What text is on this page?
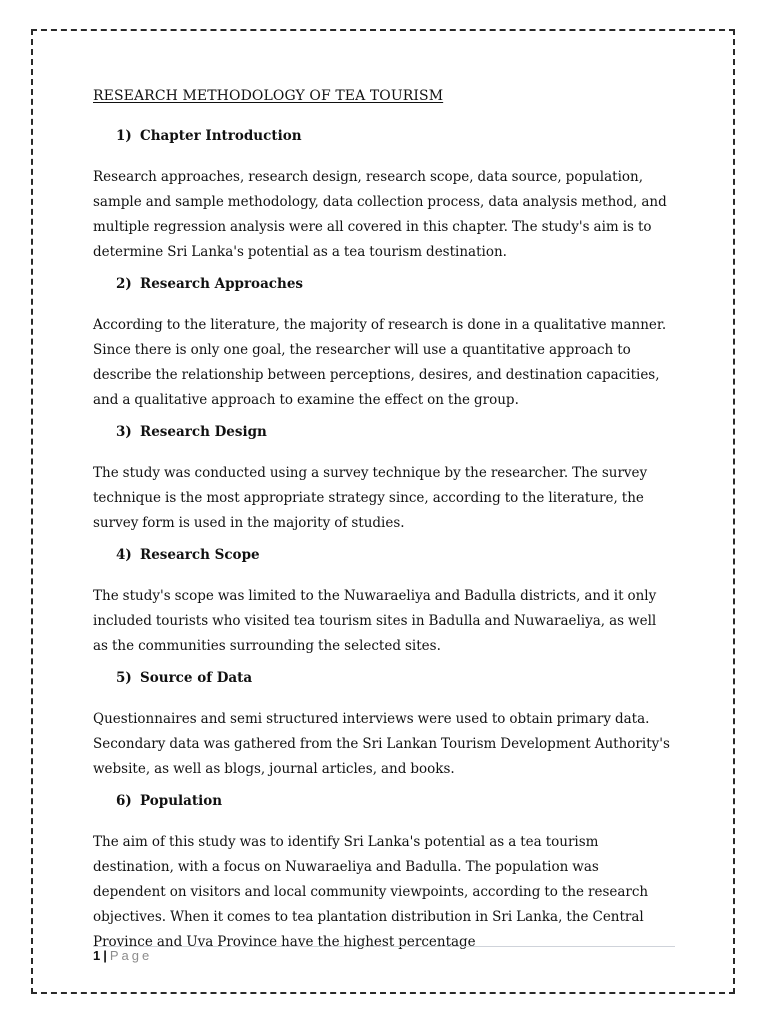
RESEARCH METHODOLOGY OF TEA TOURISM
1) Chapter Introduction

Research approaches, research design, research scope, data source, population, sample and sample methodology, data collection process, data analysis method, and multiple regression analysis were all covered in this chapter. The study's aim is to determine Sri Lanka's potential as a tea tourism destination.

2) Research Approaches

According to the literature, the majority of research is done in a qualitative manner. Since there is only one goal, the researcher will use a quantitative approach to describe the relationship between perceptions, desires, and destination capacities, and a qualitative approach to examine the effect on the group.

3) Research Design

The study was conducted using a survey technique by the researcher. The survey technique is the most appropriate strategy since, according to the literature, the survey form is used in the majority of studies.

4) Research Scope

The study's scope was limited to the Nuwaraeliya and Badulla districts, and it only included tourists who visited tea tourism sites in Badulla and Nuwaraeliya, as well as the communities surrounding the selected sites.

5) Source of Data

Questionnaires and semi structured interviews were used to obtain primary data. Secondary data was gathered from the Sri Lankan Tourism Development Authority's website, as well as blogs, journal articles, and books.

6) Population

The aim of this study was to identify Sri Lanka's potential as a tea tourism destination, with a focus on Nuwaraeliya and Badulla. The population was dependent on visitors and local community viewpoints, according to the research objectives. When it comes to tea plantation distribution in Sri Lanka, the Central Province and Uva Province have the highest percentage

1 | Page
